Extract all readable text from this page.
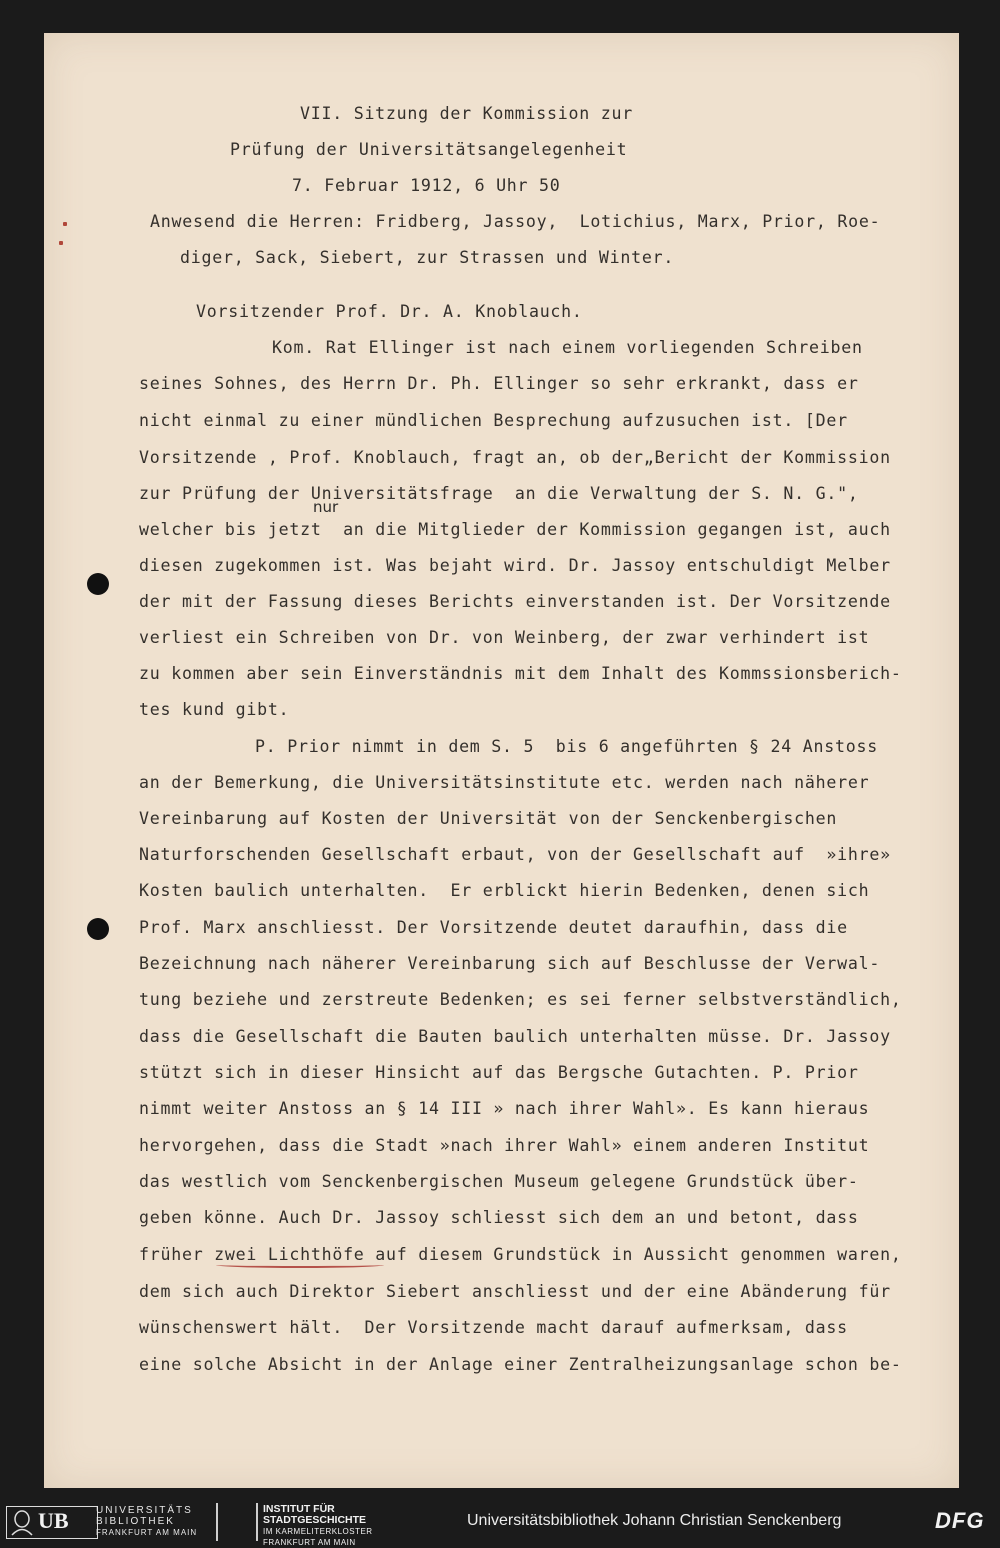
VII. Sitzung der Kommission zur
Prüfung der Universitätsangelegenheit
7. Februar 1912, 6 Uhr 50
Anwesend die Herren: Fridberg, Jassoy,  Lotichius, Marx, Prior, Roe-
diger, Sack, Siebert, zur Strassen und Winter.
Vorsitzender Prof. Dr. A. Knoblauch.
Kom. Rat Ellinger ist nach einem vorliegenden Schreiben
seines Sohnes, des Herrn Dr. Ph. Ellinger so sehr erkrankt, dass er
nicht einmal zu einer mündlichen Besprechung aufzusuchen ist. [Der
Vorsitzende , Prof. Knoblauch, fragt an, ob der„Bericht der Kommission
zur Prüfung der Universitätsfrage  an die Verwaltung der S. N. G.",
welcher bis jetzt  an die Mitglieder der Kommission gegangen ist, auch
nur
diesen zugekommen ist. Was bejaht wird. Dr. Jassoy entschuldigt Melber
der mit der Fassung dieses Berichts einverstanden ist. Der Vorsitzende
verliest ein Schreiben von Dr. von Weinberg, der zwar verhindert ist
zu kommen aber sein Einverständnis mit dem Inhalt des Kommssionsberich-
tes kund gibt.
P. Prior nimmt in dem S. 5  bis 6 angeführten § 24 Anstoss
an der Bemerkung, die Universitätsinstitute etc. werden nach näherer
Vereinbarung auf Kosten der Universität von der Senckenbergischen
Naturforschenden Gesellschaft erbaut, von der Gesellschaft auf  »ihre»
Kosten baulich unterhalten.  Er erblickt hierin Bedenken, denen sich
Prof. Marx anschliesst. Der Vorsitzende deutet daraufhin, dass die
Bezeichnung nach näherer Vereinbarung sich auf Beschlusse der Verwal-
tung beziehe und zerstreute Bedenken; es sei ferner selbstverständlich,
dass die Gesellschaft die Bauten baulich unterhalten müsse. Dr. Jassoy
stützt sich in dieser Hinsicht auf das Bergsche Gutachten. P. Prior
nimmt weiter Anstoss an § 14 III » nach ihrer Wahl». Es kann hieraus
hervorgehen, dass die Stadt »nach ihrer Wahl» einem anderen Institut
das westlich vom Senckenbergischen Museum gelegene Grundstück über-
geben könne. Auch Dr. Jassoy schliesst sich dem an und betont, dass
früher zwei Lichthöfe auf diesem Grundstück in Aussicht genommen waren,
dem sich auch Direktor Siebert anschliesst und der eine Abänderung für
wünschenswert hält.  Der Vorsitzende macht darauf aufmerksam, dass
eine solche Absicht in der Anlage einer Zentralheizungsanlage schon be-
UB	UNIVERSITÄTS
BIBLIOTHEK
FRANKFURT AM MAIN
INSTITUT FÜR
STADTGESCHICHTE
IM KARMELITERKLOSTER
FRANKFURT AM MAIN
Universitätsbibliothek Johann Christian Senckenberg	DFG
